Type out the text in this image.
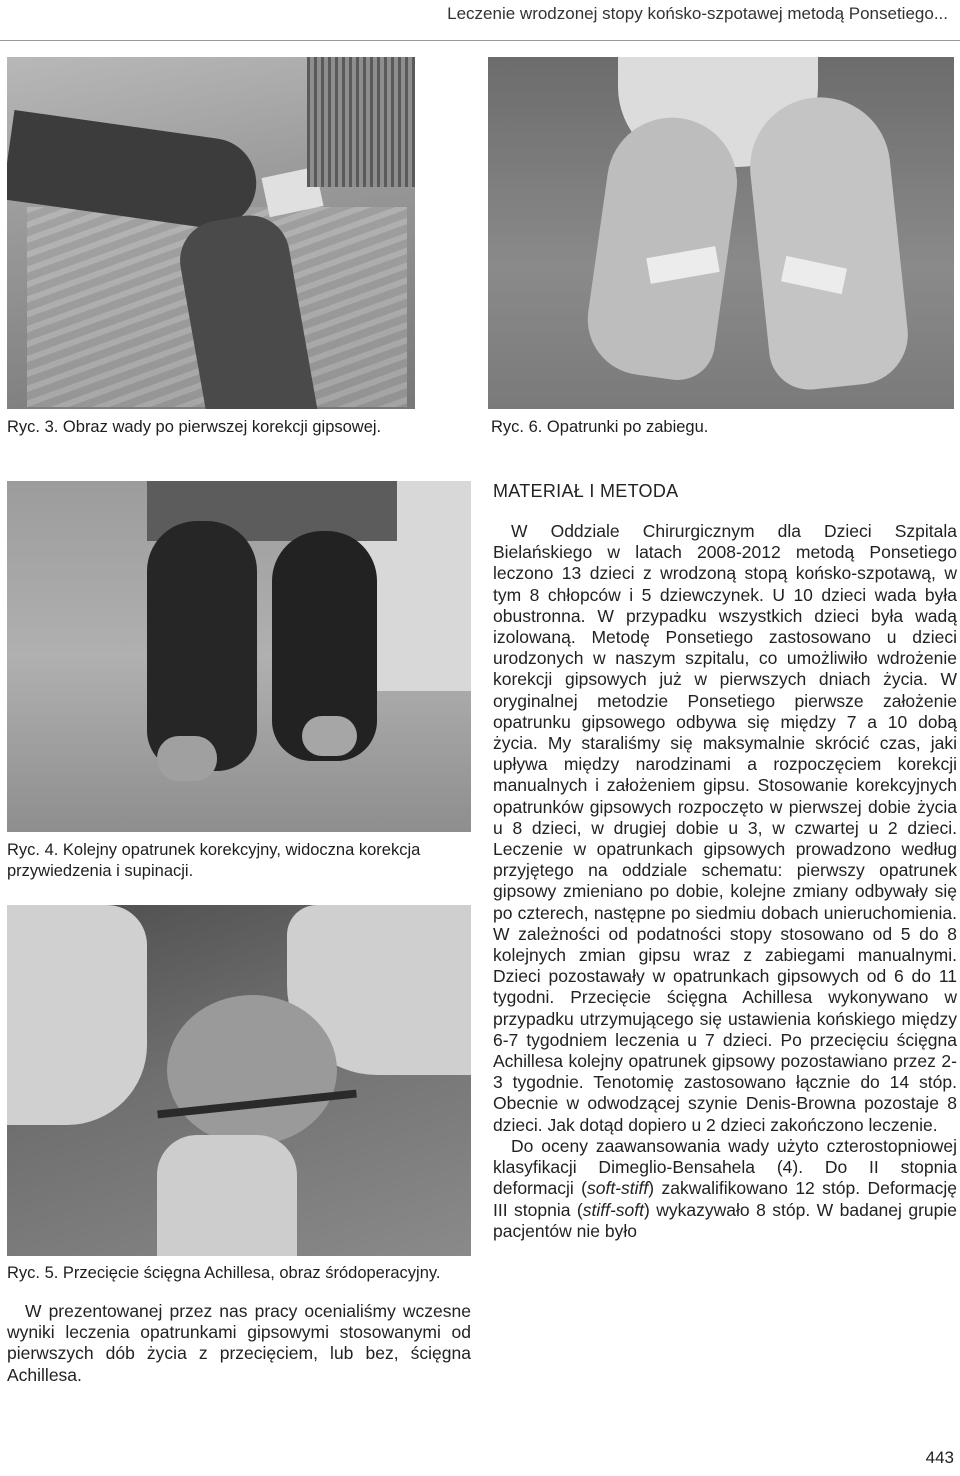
Leczenie wrodzonej stopy końsko-szpotawej metodą Ponsetiego...
Ryc. 3. Obraz wady po pierwszej korekcji gipsowej.	Ryc. 6. Opatrunki po zabiegu.
Ryc. 4. Kolejny opatrunek korekcyjny, widoczna korekcja przywiedzenia i supinacji.
Ryc. 5. Przecięcie ścięgna Achillesa, obraz śródoperacyjny.

W prezentowanej przez nas pracy ocenialiśmy wczesne wyniki leczenia opatrunkami gipsowymi stosowanymi od pierwszych dób życia z przecięciem, lub bez, ścięgna Achillesa.

MATERIAŁ I METODA

W Oddziale Chirurgicznym dla Dzieci Szpitala Bielańskiego w latach 2008-2012 metodą Ponsetiego leczono 13 dzieci z wrodzoną stopą końsko-szpotawą, w tym 8 chłopców i 5 dziewczynek. U 10 dzieci wada była obustronna. W przypadku wszystkich dzieci była wadą izolowaną. Metodę Ponsetiego zastosowano u dzieci urodzonych w naszym szpitalu, co umożliwiło wdrożenie korekcji gipsowych już w pierwszych dniach życia. W oryginalnej metodzie Ponsetiego pierwsze założenie opatrunku gipsowego odbywa się między 7 a 10 dobą życia. My staraliśmy się maksymalnie skrócić czas, jaki upływa między narodzinami a rozpoczęciem korekcji manualnych i założeniem gipsu. Stosowanie korekcyjnych opatrunków gipsowych rozpoczęto w pierwszej dobie życia u 8 dzieci, w drugiej dobie u 3, w czwartej u 2 dzieci. Leczenie w opatrunkach gipsowych prowadzono według przyjętego na oddziale schematu: pierwszy opatrunek gipsowy zmieniano po dobie, kolejne zmiany odbywały się po czterech, następne po siedmiu dobach unieruchomienia. W zależności od podatności stopy stosowano od 5 do 8 kolejnych zmian gipsu wraz z zabiegami manualnymi. Dzieci pozostawały w opatrunkach gipsowych od 6 do 11 tygodni. Przecięcie ścięgna Achillesa wykonywano w przypadku utrzymującego się ustawienia końskiego między 6-7 tygodniem leczenia u 7 dzieci. Po przecięciu ścięgna Achillesa kolejny opatrunek gipsowy pozostawiano przez 2-3 tygodnie. Tenotomię zastosowano łącznie do 14 stóp. Obecnie w odwodzącej szynie Denis-Browna pozostaje 8 dzieci. Jak dotąd dopiero u 2 dzieci zakończono leczenie.

Do oceny zaawansowania wady użyto czterostopniowej klasyfikacji Dimeglio-Bensahela (4). Do II stopnia deformacji (soft-stiff) zakwalifikowano 12 stóp. Deformację III stopnia (stiff-soft) wykazywało 8 stóp. W badanej grupie pacjentów nie było

443
